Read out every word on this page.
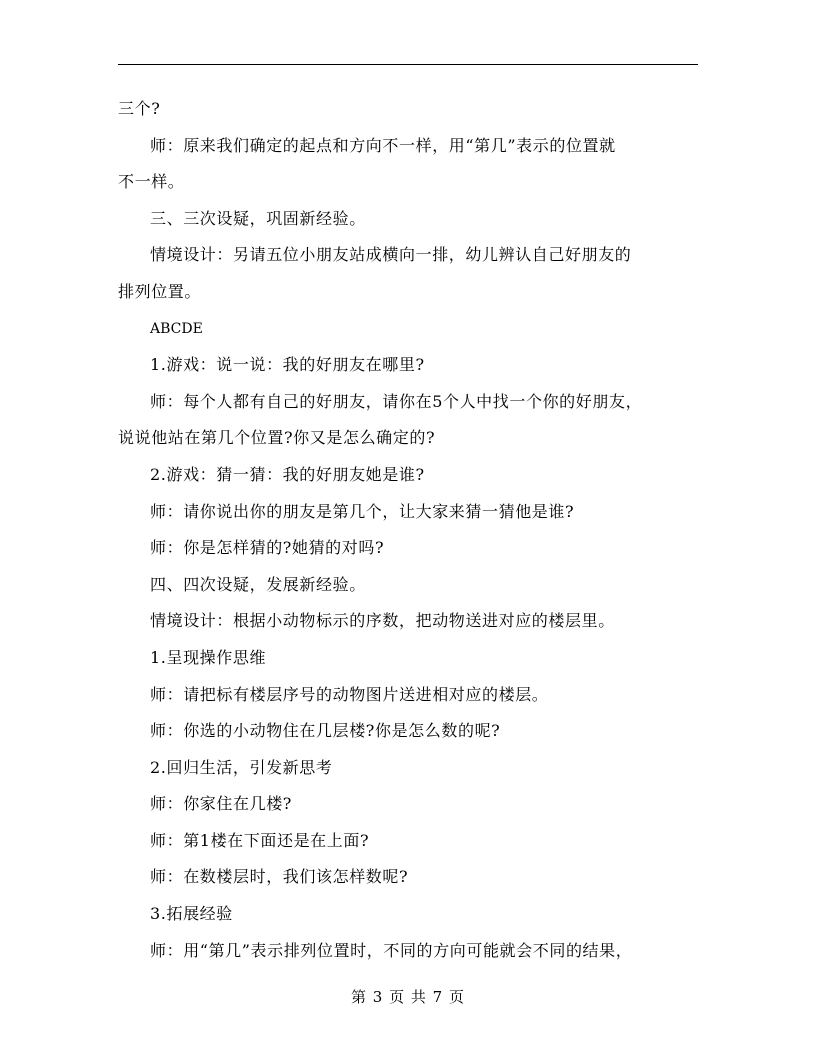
三个?
师：原来我们确定的起点和方向不一样，用“第几”表示的位置就
不一样。
三、三次设疑，巩固新经验。
情境设计：另请五位小朋友站成横向一排，幼儿辨认自己好朋友的
排列位置。
ABCDE
1.游戏：说一说：我的好朋友在哪里?
师：每个人都有自己的好朋友，请你在5个人中找一个你的好朋友，
说说他站在第几个位置?你又是怎么确定的?
2.游戏：猜一猜：我的好朋友她是谁?
师：请你说出你的朋友是第几个，让大家来猜一猜他是谁?
师：你是怎样猜的?她猜的对吗?
四、四次设疑，发展新经验。
情境设计：根据小动物标示的序数，把动物送进对应的楼层里。
1.呈现操作思维
师：请把标有楼层序号的动物图片送进相对应的楼层。
师：你选的小动物住在几层楼?你是怎么数的呢?
2.回归生活，引发新思考
师：你家住在几楼?
师：第1楼在下面还是在上面?
师：在数楼层时，我们该怎样数呢?
3.拓展经验
师：用“第几”表示排列位置时，不同的方向可能就会不同的结果，
第 3 页 共 7 页
